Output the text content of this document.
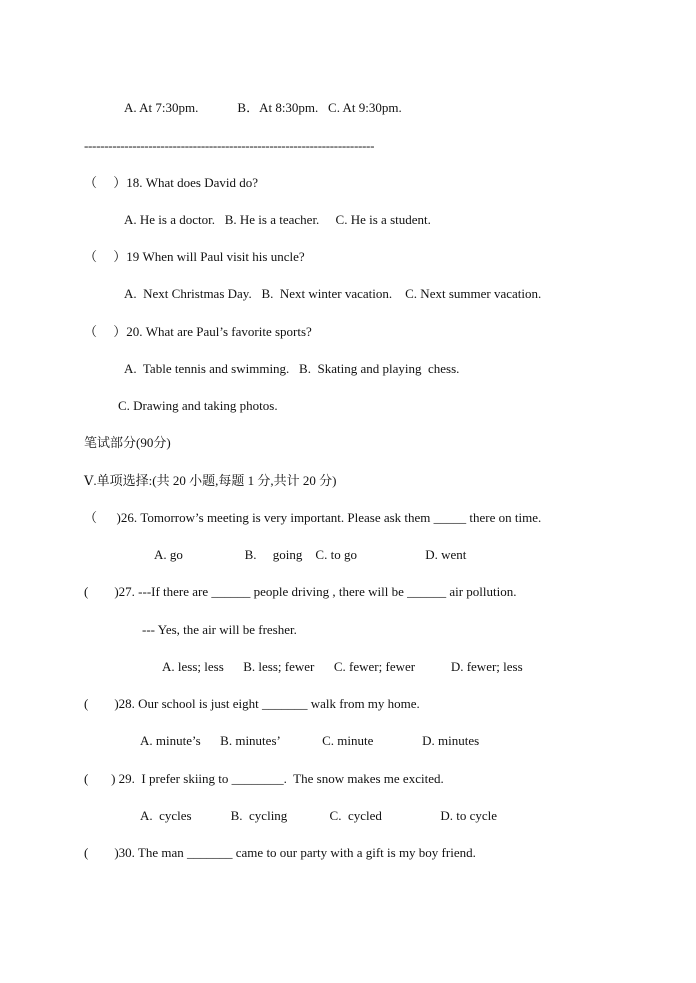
A. At 7:30pm.            B．At 8:30pm.   C. At 9:30pm.
------------------------------------------------------------------------
（     ）18. What does David do?
A. He is a doctor.   B. He is a teacher.     C. He is a student.
（     ）19 When will Paul visit his uncle?
A.  Next Christmas Day.   B.  Next winter vacation.    C. Next summer vacation.
（     ）20. What are Paul’s favorite sports?
A.  Table tennis and swimming.   B.  Skating and playing  chess.
C. Drawing and taking photos.
笔试部分(90分)
Ⅴ.单项选择:(共 20 小题,每题 1 分,共计 20 分)
（      )26. Tomorrow’s meeting is very important. Please ask them _____ there on time.
A. go                   B.     going    C. to go                     D. went
(        )27. ---If there are ______ people driving , there will be ______ air pollution.
--- Yes, the air will be fresher.
A. less; less      B. less; fewer      C. fewer; fewer           D. fewer; less
(        )28. Our school is just eight _______ walk from my home.
A. minute’s      B. minutes’             C. minute               D. minutes
(       ) 29.  I prefer skiing to ________.  The snow makes me excited.
A.  cycles            B.  cycling             C.  cycled                  D. to cycle
(        )30. The man _______ came to our party with a gift is my boy friend.
